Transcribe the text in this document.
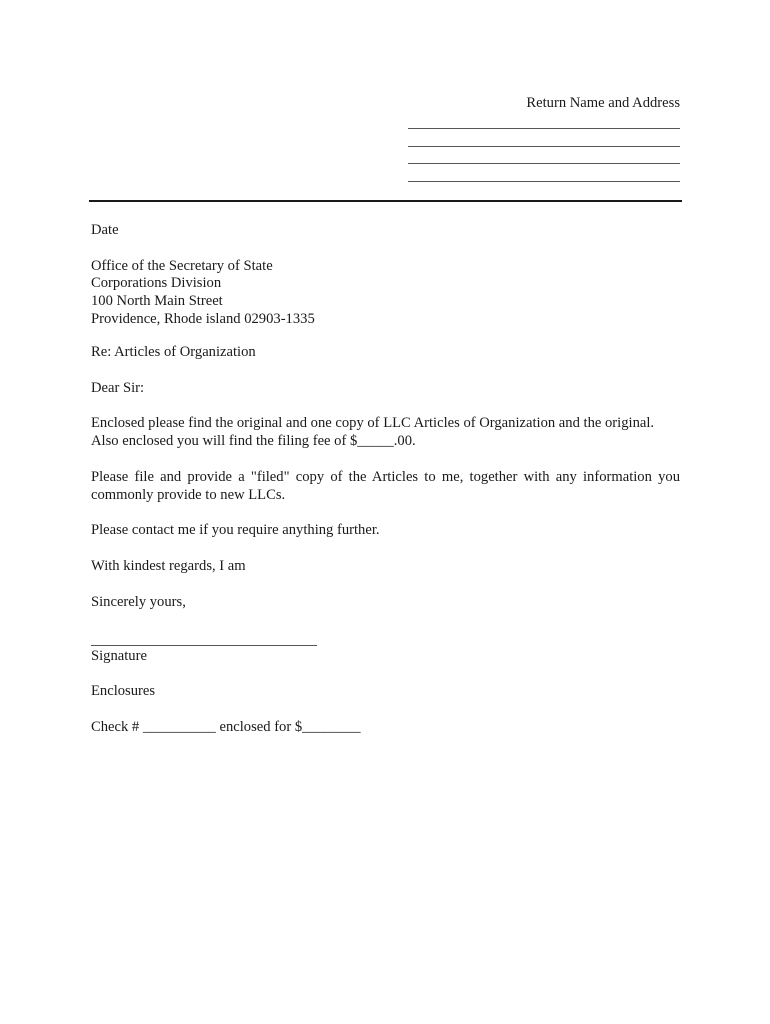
Return Name and Address
Date
Office of the Secretary of State
Corporations Division
100 North Main Street
Providence, Rhode island 02903-1335
Re: Articles of Organization
Dear Sir:
Enclosed please find the original and one copy of LLC Articles of Organization and the original.
Also enclosed you will find the filing fee of $_____.00.
Please file and provide a "filed" copy of the Articles to me, together with any information you commonly provide to new LLCs.
Please contact me if you require anything further.
With kindest regards, I am
Sincerely yours,
Signature
Enclosures
Check # __________ enclosed for $________
